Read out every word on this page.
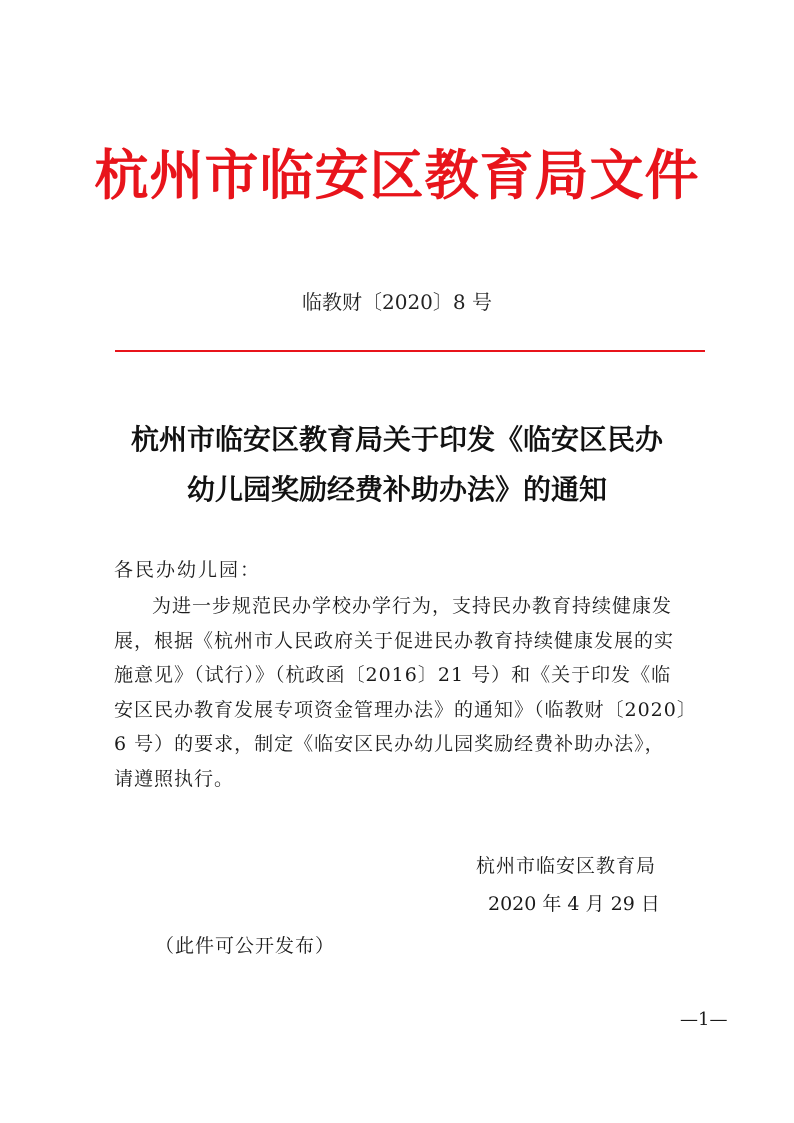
杭州市临安区教育局文件
临教财〔2020〕8 号
杭州市临安区教育局关于印发《临安区民办
幼儿园奖励经费补助办法》的通知
各民办幼儿园：
为进一步规范民办学校办学行为，支持民办教育持续健康发
展，根据《杭州市人民政府关于促进民办教育持续健康发展的实
施意见》（试行）》（杭政函〔2016〕21 号）和《关于印发《临
安区民办教育发展专项资金管理办法》的通知》（临教财〔2020〕
6 号）的要求，制定《临安区民办幼儿园奖励经费补助办法》，
请遵照执行。
杭州市临安区教育局
2020 年 4 月 29 日
（此件可公开发布）
—1—
